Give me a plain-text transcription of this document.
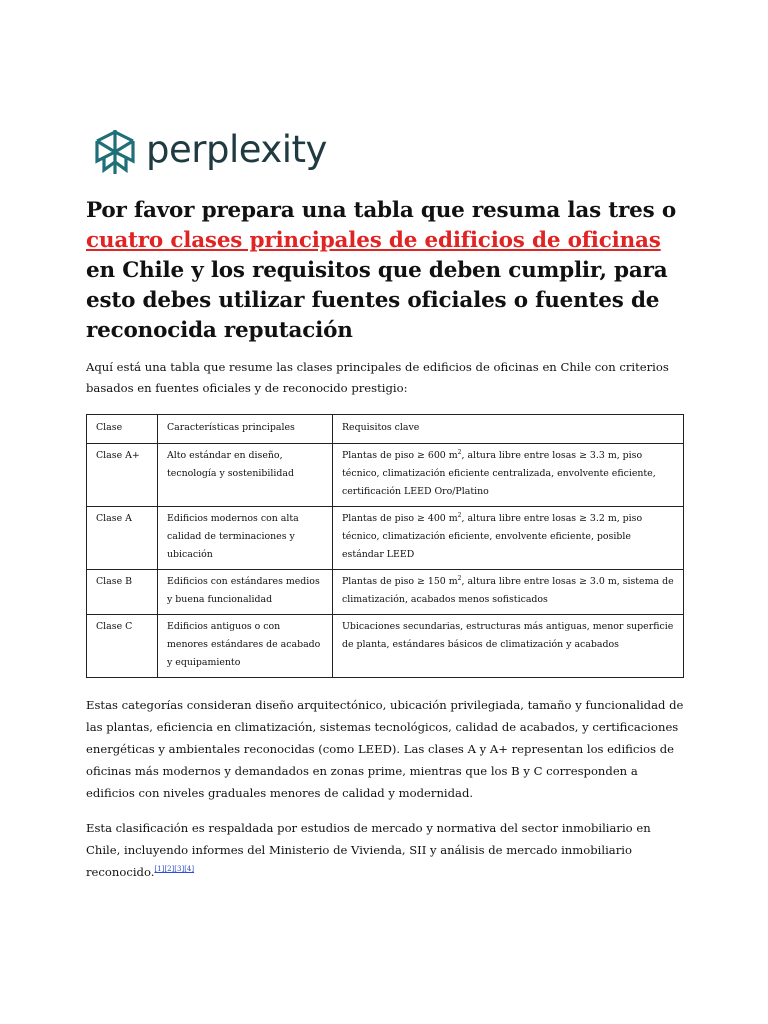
perplexity
Por favor prepara una tabla que resuma las tres o cuatro clases principales de edificios de oficinas en Chile y los requisitos que deben cumplir, para esto debes utilizar fuentes oficiales o fuentes de reconocida reputación

Aquí está una tabla que resume las clases principales de edificios de oficinas en Chile con criterios basados en fuentes oficiales y de reconocido prestigio:

Clase	Características principales	Requisitos clave
Clase A+	Alto estándar en diseño, tecnología y sostenibilidad	Plantas de piso ≥ 600 $m^2$, altura libre entre losas ≥ 3.3 m, piso técnico, climatización eficiente centralizada, envolvente eficiente, certificación LEED Oro/Platino
Clase A	Edificios modernos con alta calidad de terminaciones y ubicación	Plantas de piso ≥ 400 $m^2$, altura libre entre losas ≥ 3.2 m, piso técnico, climatización eficiente, envolvente eficiente, posible estándar LEED
Clase B	Edificios con estándares medios y buena funcionalidad	Plantas de piso ≥ 150 $m^2$, altura libre entre losas ≥ 3.0 m, sistema de climatización, acabados menos sofisticados
Clase C	Edificios antiguos o con menores estándares de acabado y equipamiento	Ubicaciones secundarias, estructuras más antiguas, menor superficie de planta, estándares básicos de climatización y acabados

Estas categorías consideran diseño arquitectónico, ubicación privilegiada, tamaño y funcionalidad de las plantas, eficiencia en climatización, sistemas tecnológicos, calidad de acabados, y certificaciones energéticas y ambientales reconocidas (como LEED). Las clases A y A+ representan los edificios de oficinas más modernos y demandados en zonas prime, mientras que los B y C corresponden a edificios con niveles graduales menores de calidad y modernidad.

Esta clasificación es respaldada por estudios de mercado y normativa del sector inmobiliario en Chile, incluyendo informes del Ministerio de Vivienda, SII y análisis de mercado inmobiliario reconocido.[1][2][3][4]
